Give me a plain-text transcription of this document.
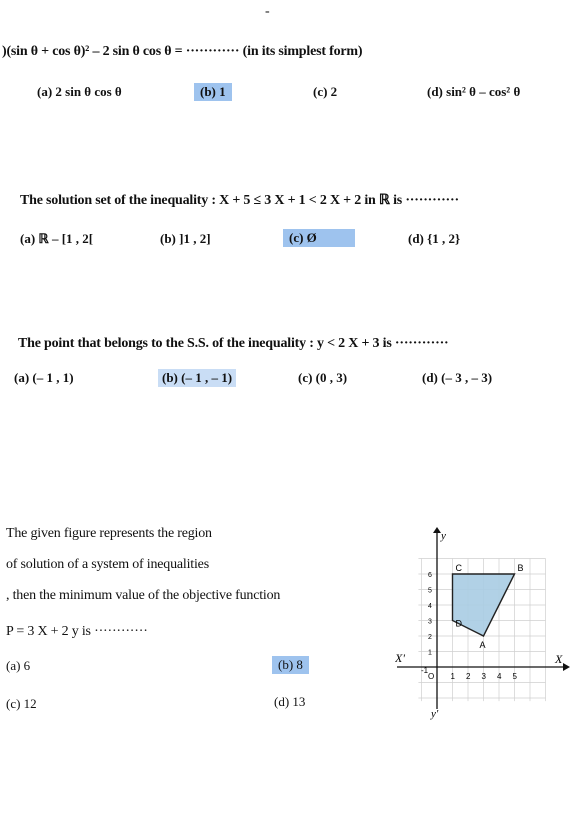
-
)(sin θ + cos θ)² – 2 sin θ cos θ = ············ (in its simplest form)
(a) 2 sin θ cos θ	(b) 1	(c) 2	(d) sin² θ – cos² θ
The solution set of the inequality : X + 5 ≤ 3 X + 1 < 2 X + 2 in ℝ is ············
(a) ℝ – [1 , 2[	(b) ]1 , 2]	(c) Ø	(d) {1 , 2}
The point that belongs to the S.S. of the inequality : y < 2 X + 3 is ············
(a) (– 1 , 1)	(b) (– 1 , – 1)	(c) (0 , 3)	(d) (– 3 , – 3)
The given figure represents the region
of solution of a system of inequalities
, then the minimum value of the objective function
P = 3 X + 2 y is ············
(a) 6	(b) 8
(c) 12	(d) 13
1 2 3 4 5
1
2
3
4
5
6
C	B
A
D
X
X'
y
y'
O
-1
